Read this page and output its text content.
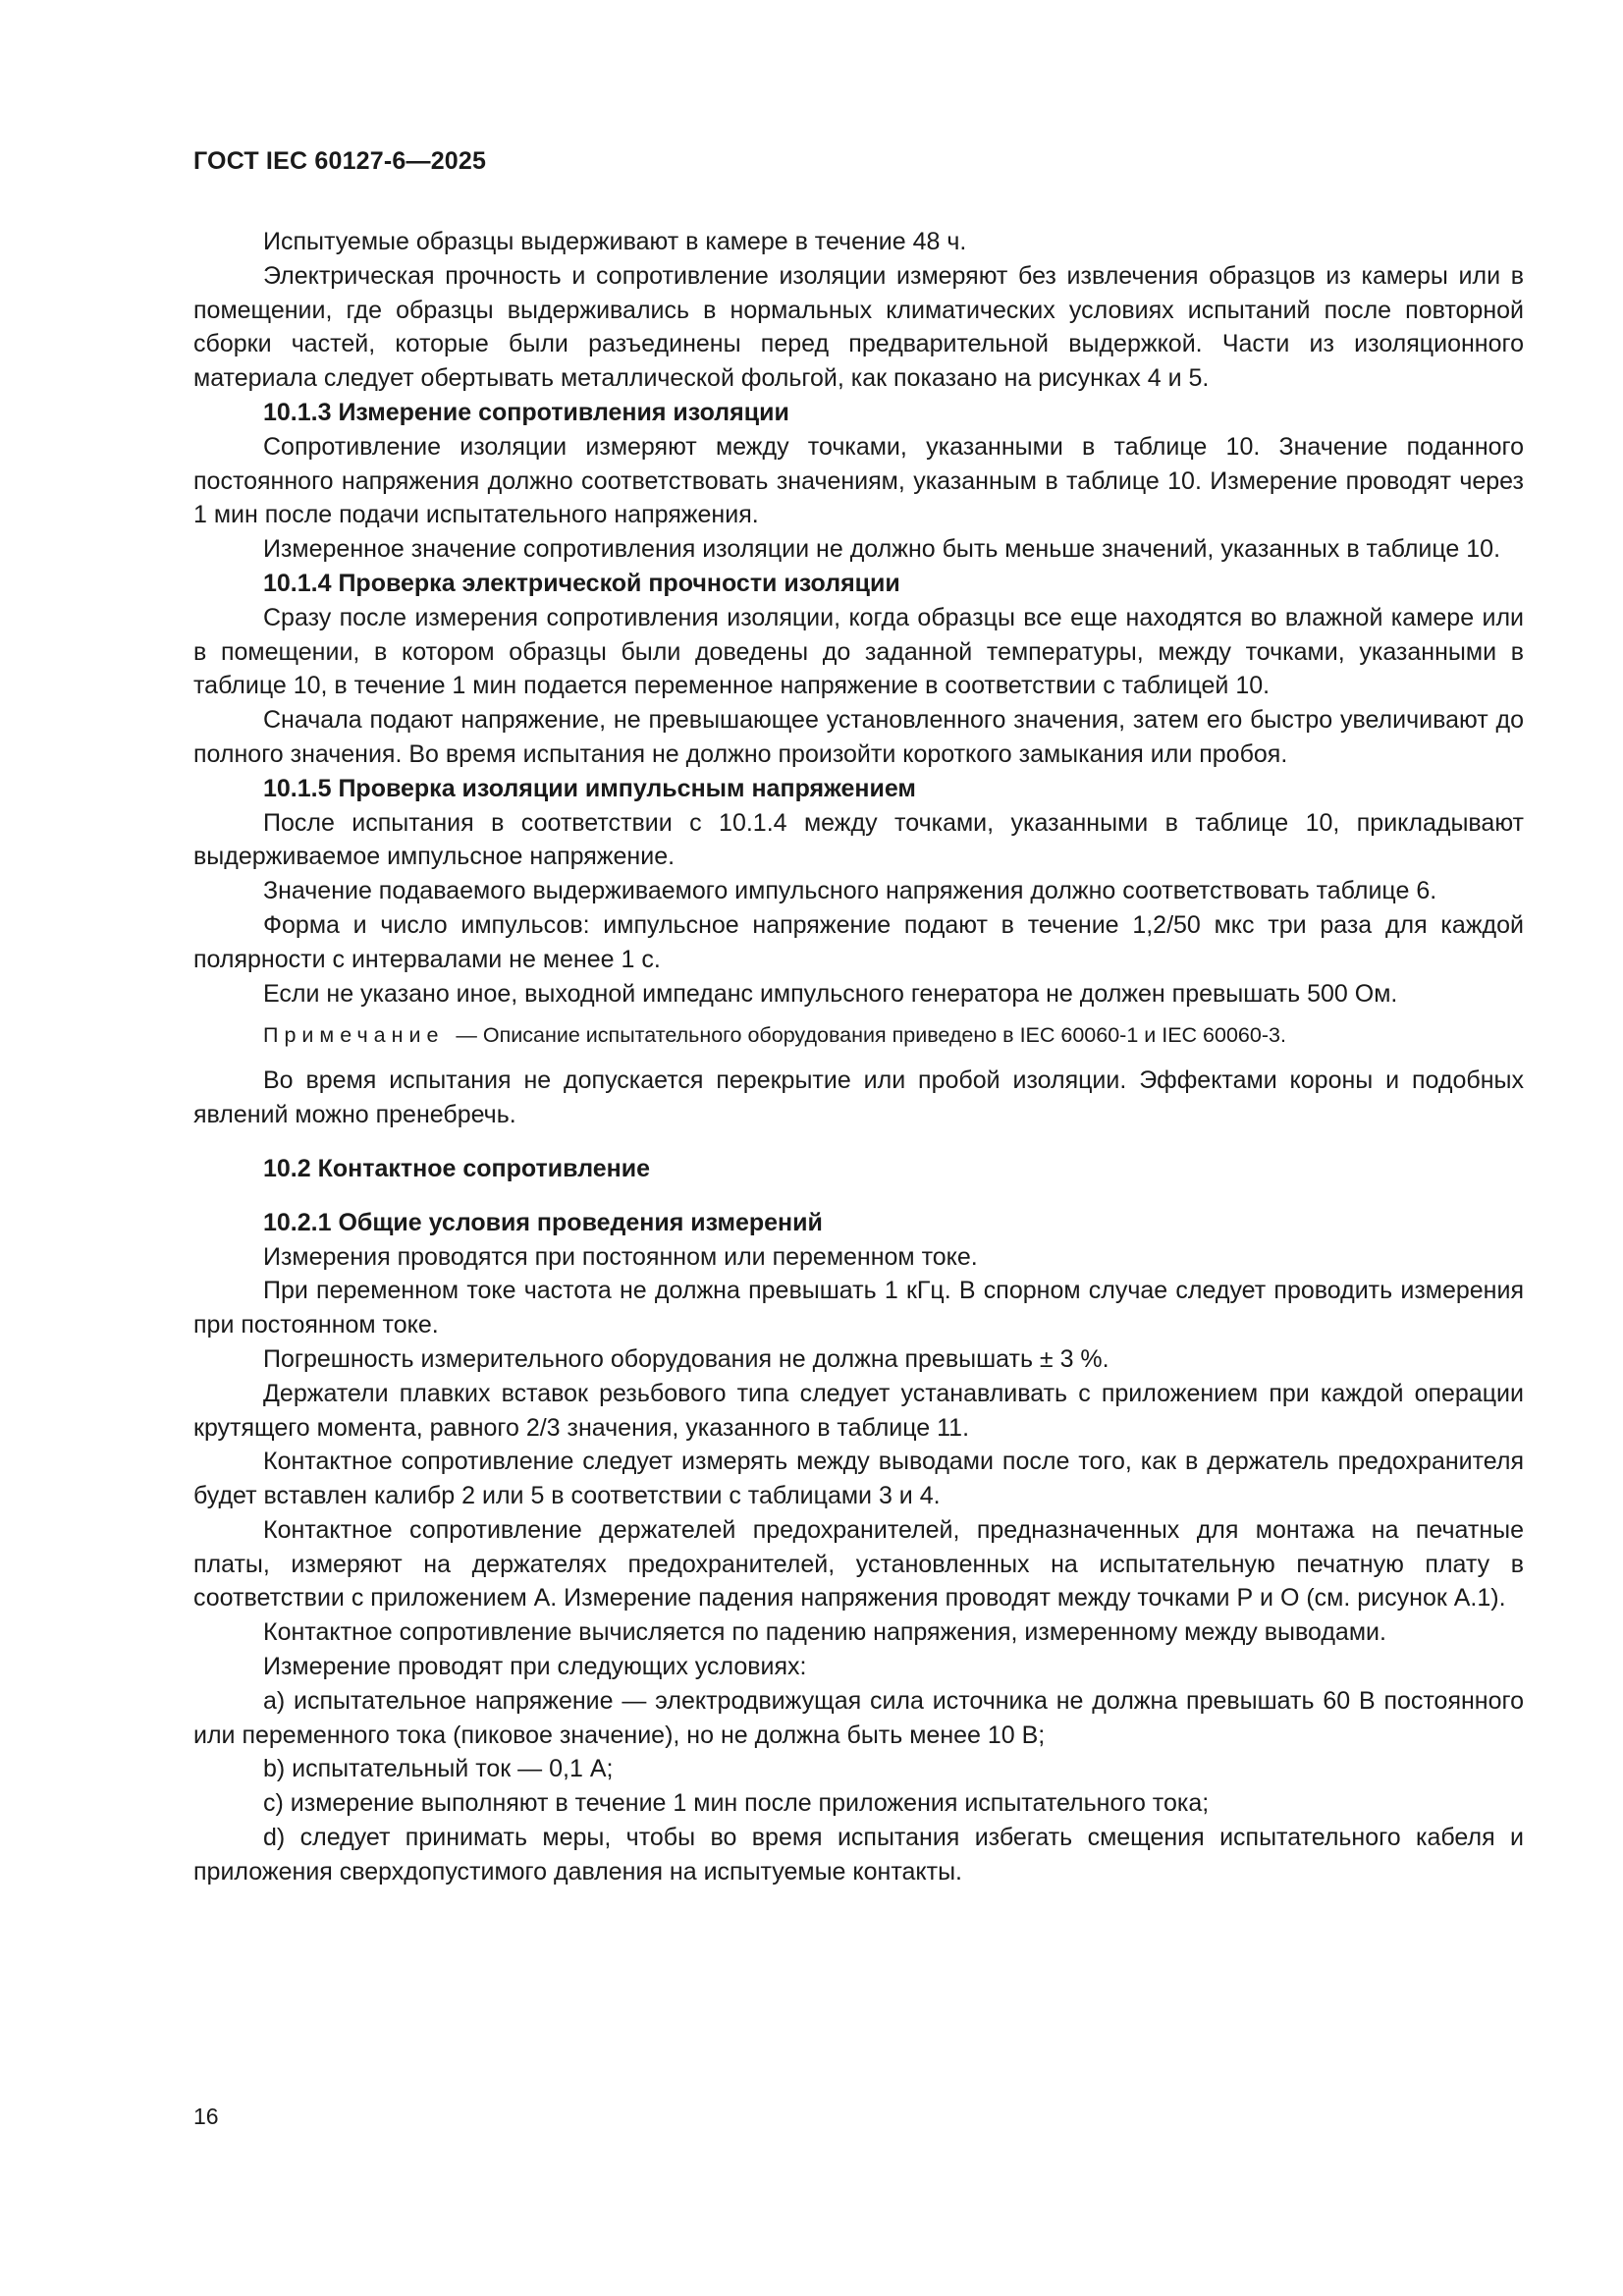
ГОСТ IEC 60127-6—2025

Испытуемые образцы выдерживают в камере в течение 48 ч.

Электрическая прочность и сопротивление изоляции измеряют без извлечения образцов из камеры или в помещении, где образцы выдерживались в нормальных климатических условиях испытаний после повторной сборки частей, которые были разъединены перед предварительной выдержкой. Части из изоляционного материала следует обертывать металлической фольгой, как показано на рисунках 4 и 5.

10.1.3 Измерение сопротивления изоляции

Сопротивление изоляции измеряют между точками, указанными в таблице 10. Значение поданного постоянного напряжения должно соответствовать значениям, указанным в таблице 10. Измерение проводят через 1 мин после подачи испытательного напряжения.

Измеренное значение сопротивления изоляции не должно быть меньше значений, указанных в таблице 10.

10.1.4 Проверка электрической прочности изоляции

Сразу после измерения сопротивления изоляции, когда образцы все еще находятся во влажной камере или в помещении, в котором образцы были доведены до заданной температуры, между точками, указанными в таблице 10, в течение 1 мин подается переменное напряжение в соответствии с таблицей 10.

Сначала подают напряжение, не превышающее установленного значения, затем его быстро увеличивают до полного значения. Во время испытания не должно произойти короткого замыкания или пробоя.

10.1.5 Проверка изоляции импульсным напряжением

После испытания в соответствии с 10.1.4 между точками, указанными в таблице 10, прикладывают выдерживаемое импульсное напряжение.

Значение подаваемого выдерживаемого импульсного напряжения должно соответствовать таблице 6.

Форма и число импульсов: импульсное напряжение подают в течение 1,2/50 мкс три раза для каждой полярности с интервалами не менее 1 с.

Если не указано иное, выходной импеданс импульсного генератора не должен превышать 500 Ом.

Примечание — Описание испытательного оборудования приведено в IEC 60060-1 и IEC 60060-3.

Во время испытания не допускается перекрытие или пробой изоляции. Эффектами короны и подобных явлений можно пренебречь.

10.2 Контактное сопротивление

10.2.1 Общие условия проведения измерений

Измерения проводятся при постоянном или переменном токе.

При переменном токе частота не должна превышать 1 кГц. В спорном случае следует проводить измерения при постоянном токе.

Погрешность измерительного оборудования не должна превышать ± 3 %.

Держатели плавких вставок резьбового типа следует устанавливать с приложением при каждой операции крутящего момента, равного 2/3 значения, указанного в таблице 11.

Контактное сопротивление следует измерять между выводами после того, как в держатель предохранителя будет вставлен калибр 2 или 5 в соответствии с таблицами 3 и 4.

Контактное сопротивление держателей предохранителей, предназначенных для монтажа на печатные платы, измеряют на держателях предохранителей, установленных на испытательную печатную плату в соответствии с приложением А. Измерение падения напряжения проводят между точками Р и О (см. рисунок А.1).

Контактное сопротивление вычисляется по падению напряжения, измеренному между выводами.

Измерение проводят при следующих условиях:

а) испытательное напряжение — электродвижущая сила источника не должна превышать 60 В постоянного или переменного тока (пиковое значение), но не должна быть менее 10 В;

b) испытательный ток — 0,1 А;

c) измерение выполняют в течение 1 мин после приложения испытательного тока;

d) следует принимать меры, чтобы во время испытания избегать смещения испытательного кабеля и приложения сверхдопустимого давления на испытуемые контакты.

16
